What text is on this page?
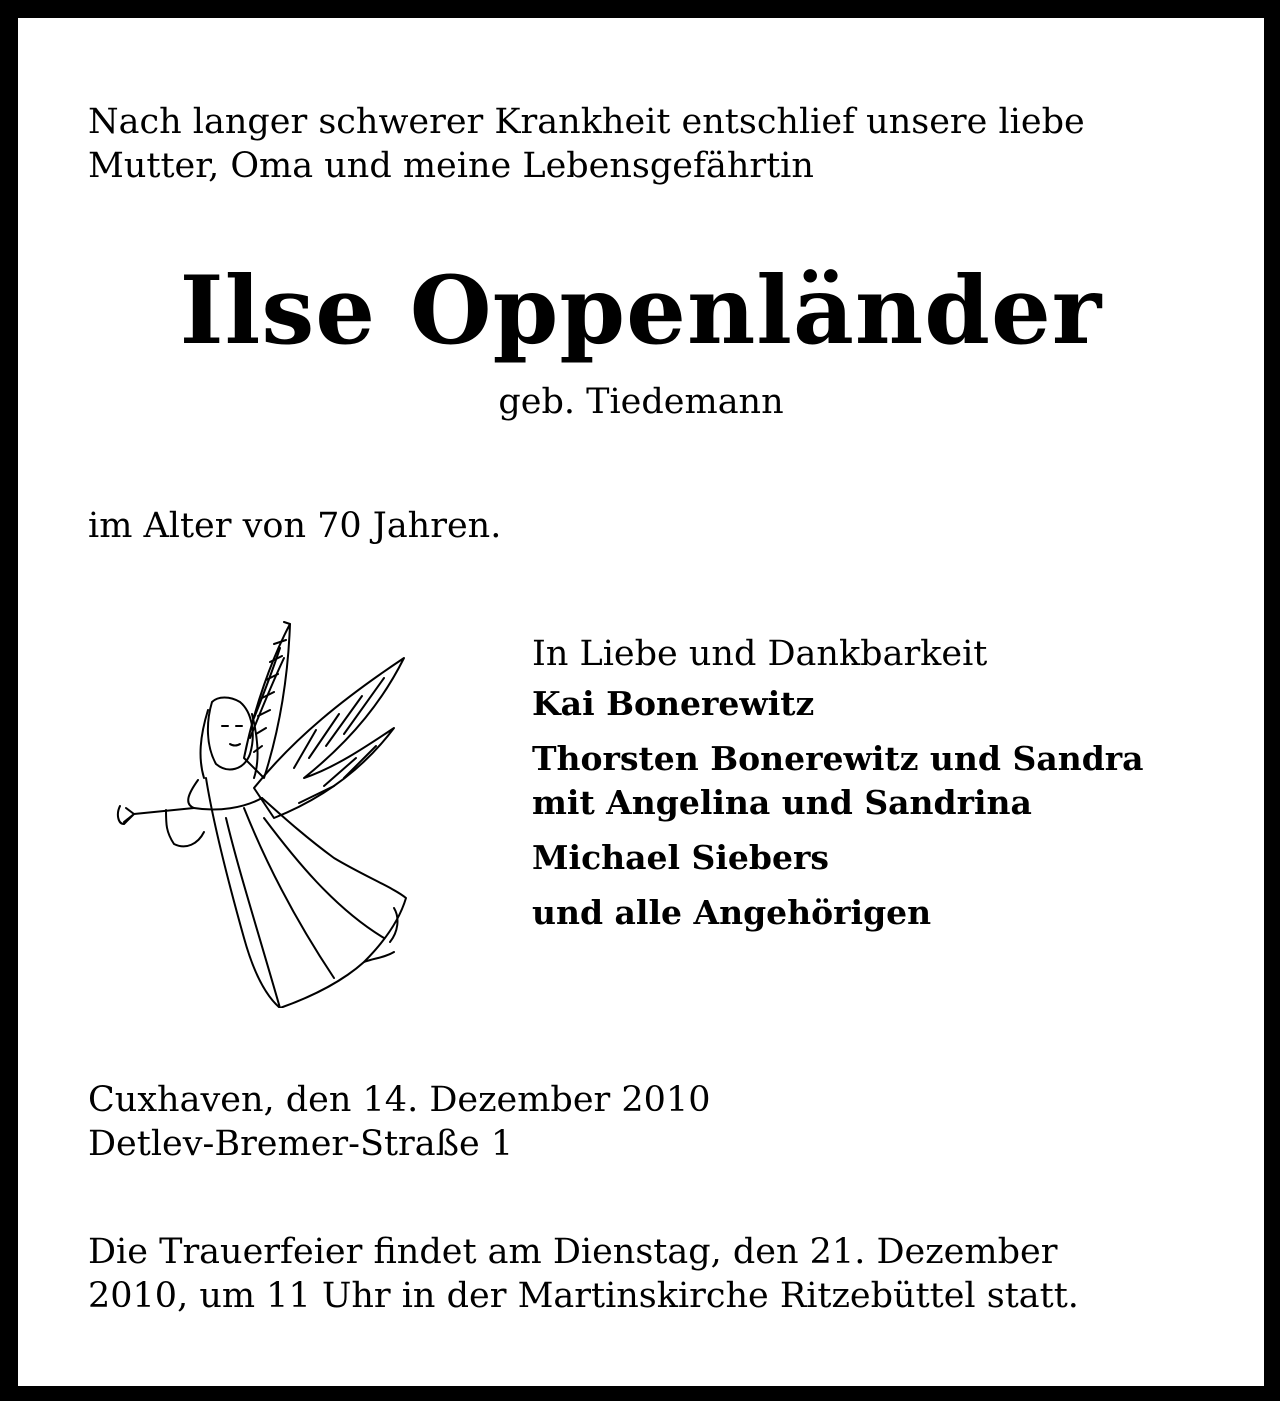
Nach langer schwerer Krankheit entschlief unsere liebe
Mutter, Oma und meine Lebensgefährtin

Ilse Oppenländer

geb. Tiedemann

im Alter von 70 Jahren.

In Liebe und Dankbarkeit

Kai Bonerewitz

Thorsten Bonerewitz und Sandra
mit Angelina und Sandrina

Michael Siebers

und alle Angehörigen

Cuxhaven, den 14. Dezember 2010
Detlev-Bremer-Straße 1

Die Trauerfeier findet am Dienstag, den 21. Dezember
2010, um 11 Uhr in der Martinskirche Ritzebüttel statt.
